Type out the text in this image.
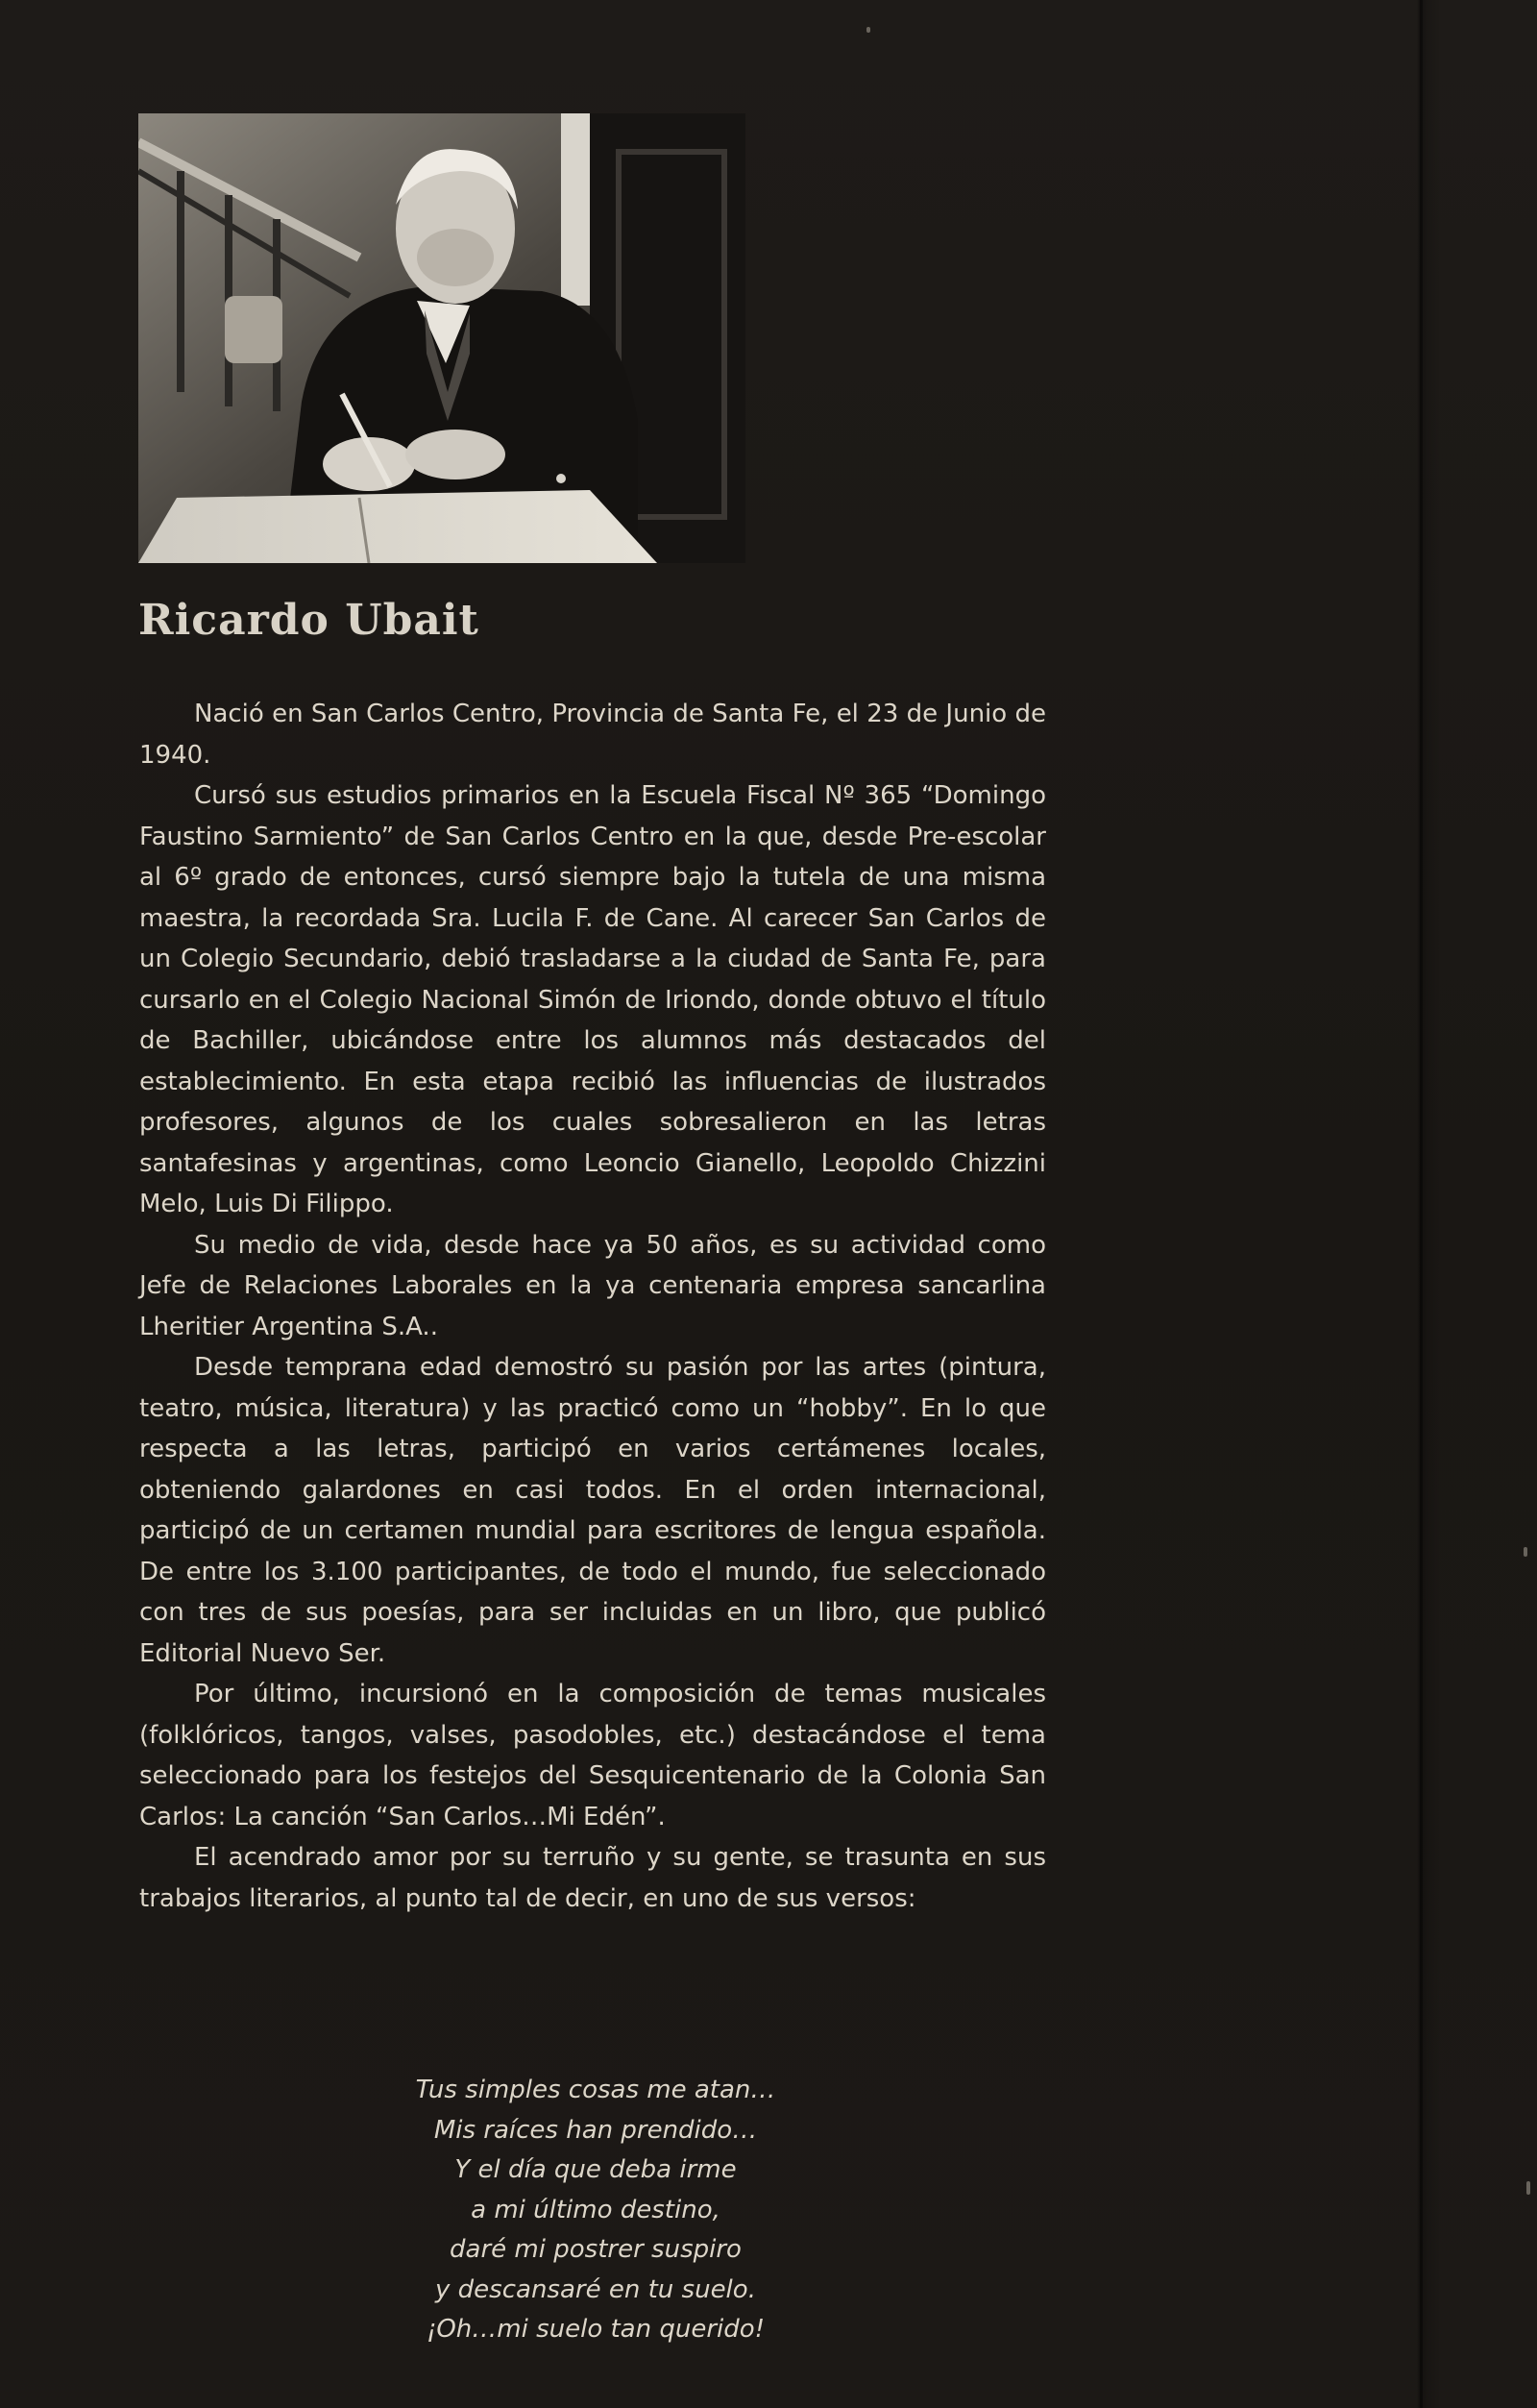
Ricardo Ubait

Nació en San Carlos Centro, Provincia de Santa Fe, el 23 de Junio de 1940.

Cursó sus estudios primarios en la Escuela Fiscal Nº 365 “Domingo Faustino Sarmiento” de San Carlos Centro en la que, desde Pre-escolar al 6º grado de entonces, cursó siempre bajo la tutela de una misma maestra, la recordada Sra. Lucila F. de Cane. Al carecer San Carlos de un Colegio Secundario, debió trasladarse a la ciudad de Santa Fe, para cursarlo en el Colegio Nacional Simón de Iriondo, donde obtuvo el título de Bachiller, ubicándose entre los alumnos más destacados del establecimiento. En esta etapa recibió las influencias de ilustrados profesores, algunos de los cuales sobresalieron en las letras santafesinas y argentinas, como Leoncio Gianello, Leopoldo Chizzini Melo, Luis Di Filippo.

Su medio de vida, desde hace ya 50 años, es su actividad como Jefe de Relaciones Laborales en la ya centenaria empresa sancarlina Lheritier Argentina S.A..

Desde temprana edad demostró su pasión por las artes (pintura, teatro, música, literatura) y las practicó como un “hobby”. En lo que respecta a las letras, participó en varios certámenes locales, obteniendo galardones en casi todos. En el orden internacional, participó de un certamen mundial para escritores de lengua española. De entre los 3.100 participantes, de todo el mundo, fue seleccionado con tres de sus poesías, para ser incluidas en un libro, que publicó Editorial Nuevo Ser.

Por último, incursionó en la composición de temas musicales (folklóricos, tangos, valses, pasodobles, etc.) destacándose el tema seleccionado para los festejos del Sesquicentenario de la Colonia San Carlos: La canción “San Carlos…Mi Edén”.

El acendrado amor por su terruño y su gente, se trasunta en sus trabajos literarios, al punto tal de decir, en uno de sus versos:

Tus simples cosas me atan…
Mis raíces han prendido…
Y el día que deba irme
a mi último destino,
daré mi postrer suspiro
y descansaré en tu suelo.
¡Oh…mi suelo tan querido!
